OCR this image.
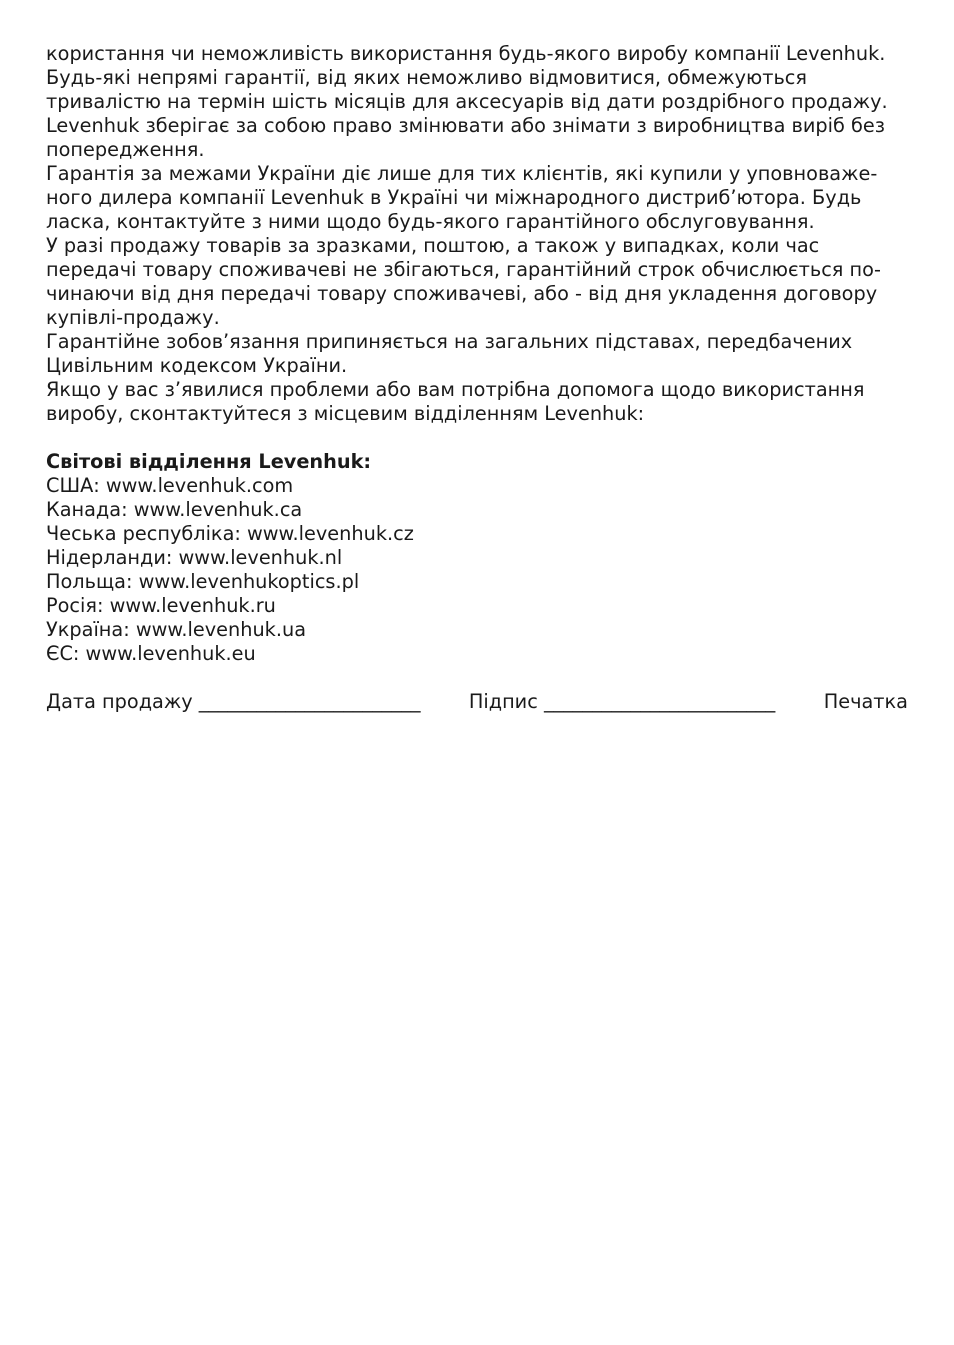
користання чи неможливість використання будь-якого виробу компанії Levenhuk. Будь-які непрямі гарантії, від яких неможливо відмовитися, обмежуються тривалістю на термін шість місяців для аксесуарів від дати роздрібного продажу. Levenhuk зберігає за собою право змінювати або знімати з виробництва виріб без попередження.

Гарантія за межами України діє лише для тих клієнтів, які купили у уповноваженого дилера компанії Levenhuk в Україні чи міжнародного дистриб’ютора. Будь ласка, контактуйте з ними щодо будь-якого гарантійного обслуговування.

У разі продажу товарів за зразками, поштою, а також у випадках, коли час передачі товару споживачеві не збігаються, гарантійний строк обчислюється починаючи від дня передачі товару споживачеві, або - від дня укладення договору купівлі-продажу.

Гарантійне зобов’язання припиняється на загальних підставах, передбачених Цивільним кодексом України.

Якщо у вас з’явилися проблеми або вам потрібна допомога щодо використання виробу, сконтактуйтеся з місцевим відділенням Levenhuk:

Світові відділення Levenhuk:

США: www.levenhuk.com

Канада: www.levenhuk.ca

Чеська республіка: www.levenhuk.cz

Нідерланди: www.levenhuk.nl

Польща: www.levenhukoptics.pl

Росія: www.levenhuk.ru

Україна: www.levenhuk.ua

ЄС: www.levenhuk.eu

Дата продажу _______________________	Підпис ________________________	Печатка
